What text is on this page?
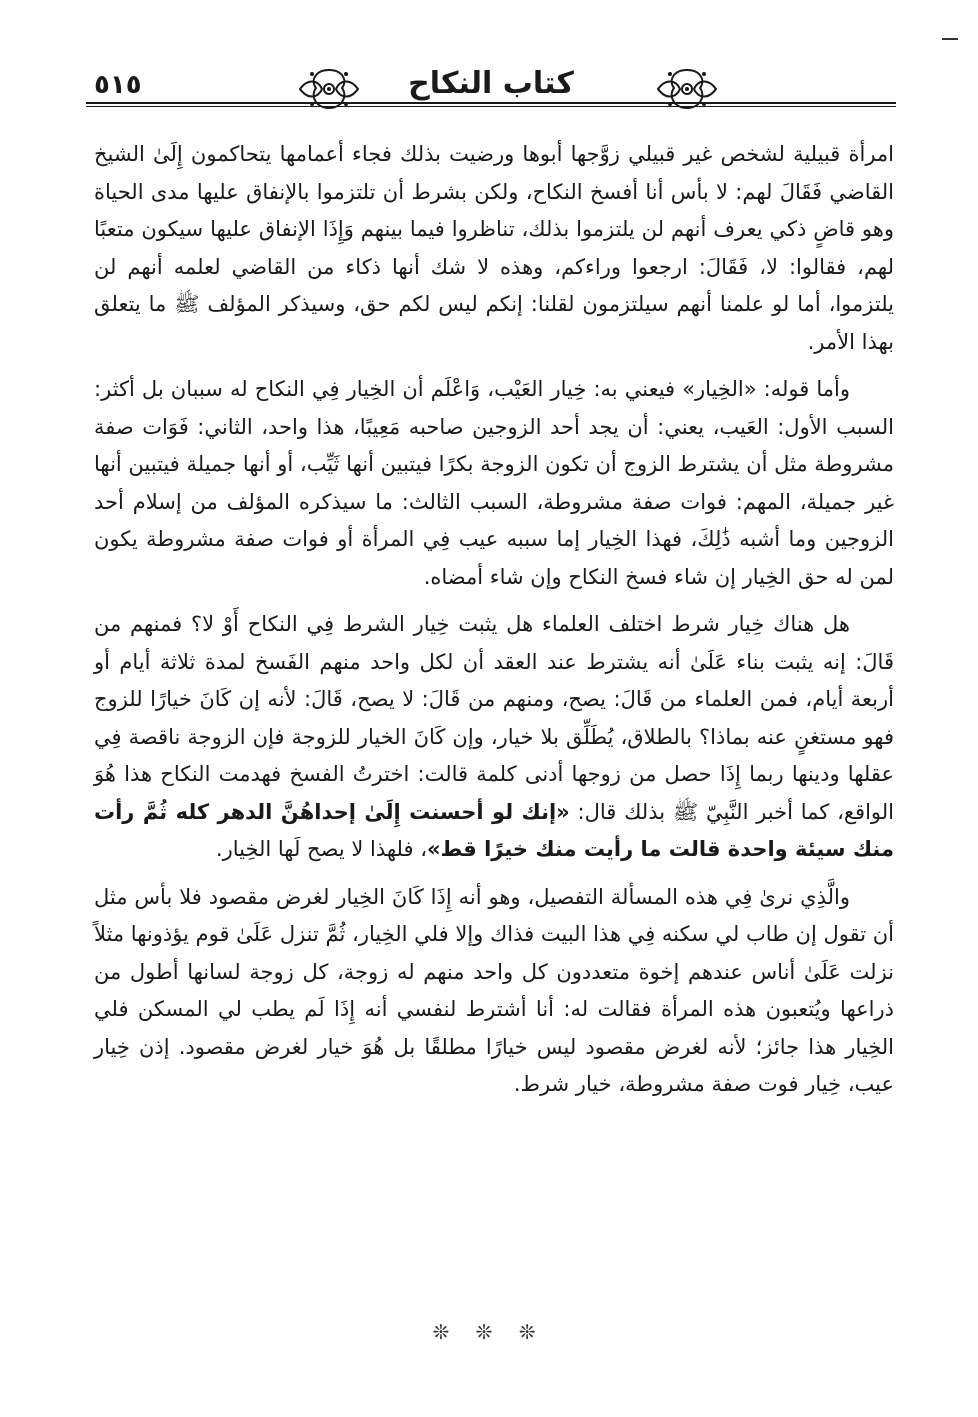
٥١٥	كتاب النكاح

امرأة قبيلية لشخص غير قبيلي زوَّجها أبوها ورضيت بذلك فجاء أعمامها يتحاكمون إِلَىٰ الشيخ القاضي فَقَالَ لهم: لا بأس أنا أفسخ النكاح، ولكن بشرط أن تلتزموا بالإنفاق عليها مدى الحياة وهو قاضٍ ذكي يعرف أنهم لن يلتزموا بذلك، تناظروا فيما بينهم وَإِذَا الإنفاق عليها سيكون متعبًا لهم، فقالوا: لا، فَقَالَ: ارجعوا وراءكم، وهذه لا شك أنها ذكاء من القاضي لعلمه أنهم لن يلتزموا، أما لو علمنا أنهم سيلتزمون لقلنا: إنكم ليس لكم حق، وسيذكر المؤلف ﷺ ما يتعلق بهذا الأمر.

وأما قوله: «الخِيار» فيعني به: خِيار العَيْب، وَاعْلَم أن الخِيار فِي النكاح له سببان بل أكثر: السبب الأول: العَيب، يعني: أن يجد أحد الزوجين صاحبه مَعِيبًا، هذا واحد، الثاني: فَوَات صفة مشروطة مثل أن يشترط الزوج أن تكون الزوجة بكرًا فيتبين أنها ثَيِّب، أو أنها جميلة فيتبين أنها غير جميلة، المهم: فوات صفة مشروطة، السبب الثالث: ما سيذكره المؤلف من إسلام أحد الزوجين وما أشبه ذَٰلِكَ، فهذا الخِيار إما سببه عيب فِي المرأة أو فوات صفة مشروطة يكون لمن له حق الخِيار إن شاء فسخ النكاح وإن شاء أمضاه.

هل هناك خِيار شرط اختلف العلماء هل يثبت خِيار الشرط فِي النكاح أَوْ لا؟ فمنهم من قَالَ: إنه يثبت بناء عَلَىٰ أنه يشترط عند العقد أن لكل واحد منهم الفَسخ لمدة ثلاثة أيام أو أربعة أيام، فمن العلماء من قَالَ: يصح، ومنهم من قَالَ: لا يصح، قَالَ: لأنه إن كَانَ خيارًا للزوج فهو مستغنٍ عنه بماذا؟ بالطلاق، يُطَلِّق بلا خيار، وإن كَانَ الخيار للزوجة فإن الزوجة ناقصة فِي عقلها ودينها ربما إِذَا حصل من زوجها أدنى كلمة قالت: اخترتُ الفسخ فهدمت النكاح هذا هُوَ الواقع، كما أخبر النَّبِيّ ﷺ بذلك قال: «إنك لو أحسنت إِلَىٰ إحداهُنَّ الدهر كله ثُمَّ رأت منك سيئة واحدة قالت ما رأيت منك خيرًا قط»، فلهذا لا يصح لَها الخِيار.

والَّذِي نرىٰ فِي هذه المسألة التفصيل، وهو أنه إِذَا كَانَ الخِيار لغرض مقصود فلا بأس مثل أن تقول إن طاب لي سكنه فِي هذا البيت فذاك وإلا فلي الخِيار، ثُمَّ تنزل عَلَىٰ قوم يؤذونها مثلاً نزلت عَلَىٰ أناس عندهم إخوة متعددون كل واحد منهم له زوجة، كل زوجة لسانها أطول من ذراعها ويُتعبون هذه المرأة فقالت له: أنا أشترط لنفسي أنه إِذَا لَم يطب لي المسكن فلي الخِيار هذا جائز؛ لأنه لغرض مقصود ليس خيارًا مطلقًا بل هُوَ خيار لغرض مقصود. إذن خِيار عيب، خِيار فوت صفة مشروطة، خيار شرط.

❊ ❊ ❊
